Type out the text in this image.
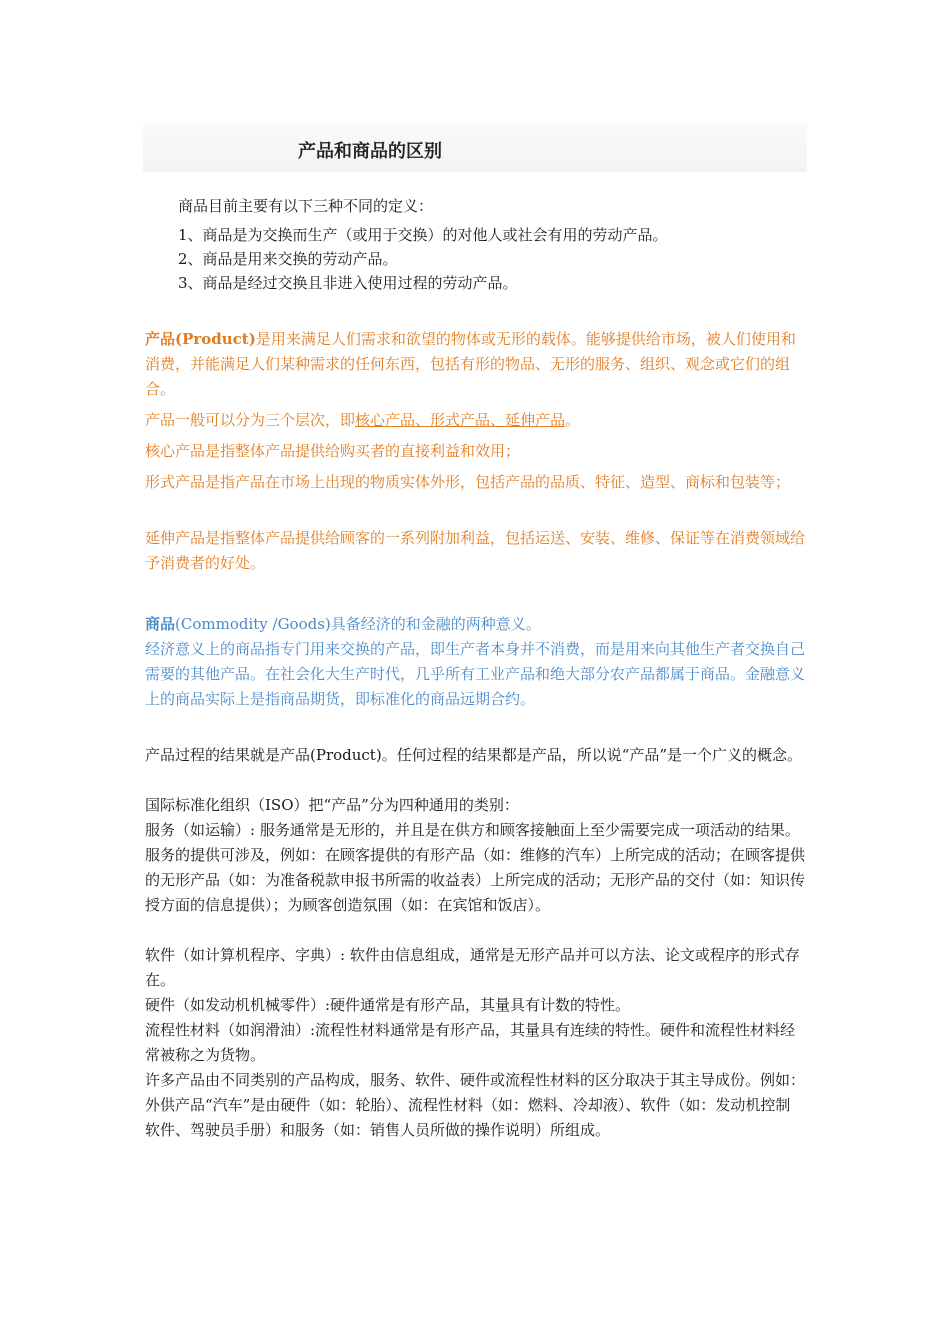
产品和商品的区别
商品目前主要有以下三种不同的定义：
1、商品是为交换而生产（或用于交换）的对他人或社会有用的劳动产品。
2、商品是用来交换的劳动产品。
3、商品是经过交换且非进入使用过程的劳动产品。
产品(Product)是用来满足人们需求和欲望的物体或无形的载体。能够提供给市场，被人们使用和消费，并能满足人们某种需求的任何东西，包括有形的物品、无形的服务、组织、观念或它们的组合。
产品一般可以分为三个层次，即核心产品、形式产品、延伸产品。
核心产品是指整体产品提供给购买者的直接利益和效用；
形式产品是指产品在市场上出现的物质实体外形，包括产品的品质、特征、造型、商标和包装等；
延伸产品是指整体产品提供给顾客的一系列附加利益，包括运送、安装、维修、保证等在消费领域给予消费者的好处。
商品(Commodity /Goods)具备经济的和金融的两种意义。
经济意义上的商品指专门用来交换的产品，即生产者本身并不消费，而是用来向其他生产者交换自己需要的其他产品。在社会化大生产时代，几乎所有工业产品和绝大部分农产品都属于商品。金融意义上的商品实际上是指商品期货，即标准化的商品远期合约。
产品过程的结果就是产品(Product)。任何过程的结果都是产品，所以说“产品”是一个广义的概念。
国际标准化组织（ISO）把“产品”分为四种通用的类别：
服务（如运输）: 服务通常是无形的，并且是在供方和顾客接触面上至少需要完成一项活动的结果。服务的提供可涉及，例如：在顾客提供的有形产品（如：维修的汽车）上所完成的活动；在顾客提供的无形产品（如：为准备税款申报书所需的收益表）上所完成的活动；无形产品的交付（如：知识传授方面的信息提供）；为顾客创造氛围（如：在宾馆和饭店）。
软件（如计算机程序、字典）: 软件由信息组成，通常是无形产品并可以方法、论文或程序的形式存在。
硬件（如发动机机械零件）:硬件通常是有形产品，其量具有计数的特性。
流程性材料（如润滑油）:流程性材料通常是有形产品，其量具有连续的特性。硬件和流程性材料经常被称之为货物。
许多产品由不同类别的产品构成，服务、软件、硬件或流程性材料的区分取决于其主导成份。例如：外供产品“汽车”是由硬件（如：轮胎）、流程性材料（如：燃料、冷却液）、软件（如：发动机控制软件、驾驶员手册）和服务（如：销售人员所做的操作说明）所组成。
